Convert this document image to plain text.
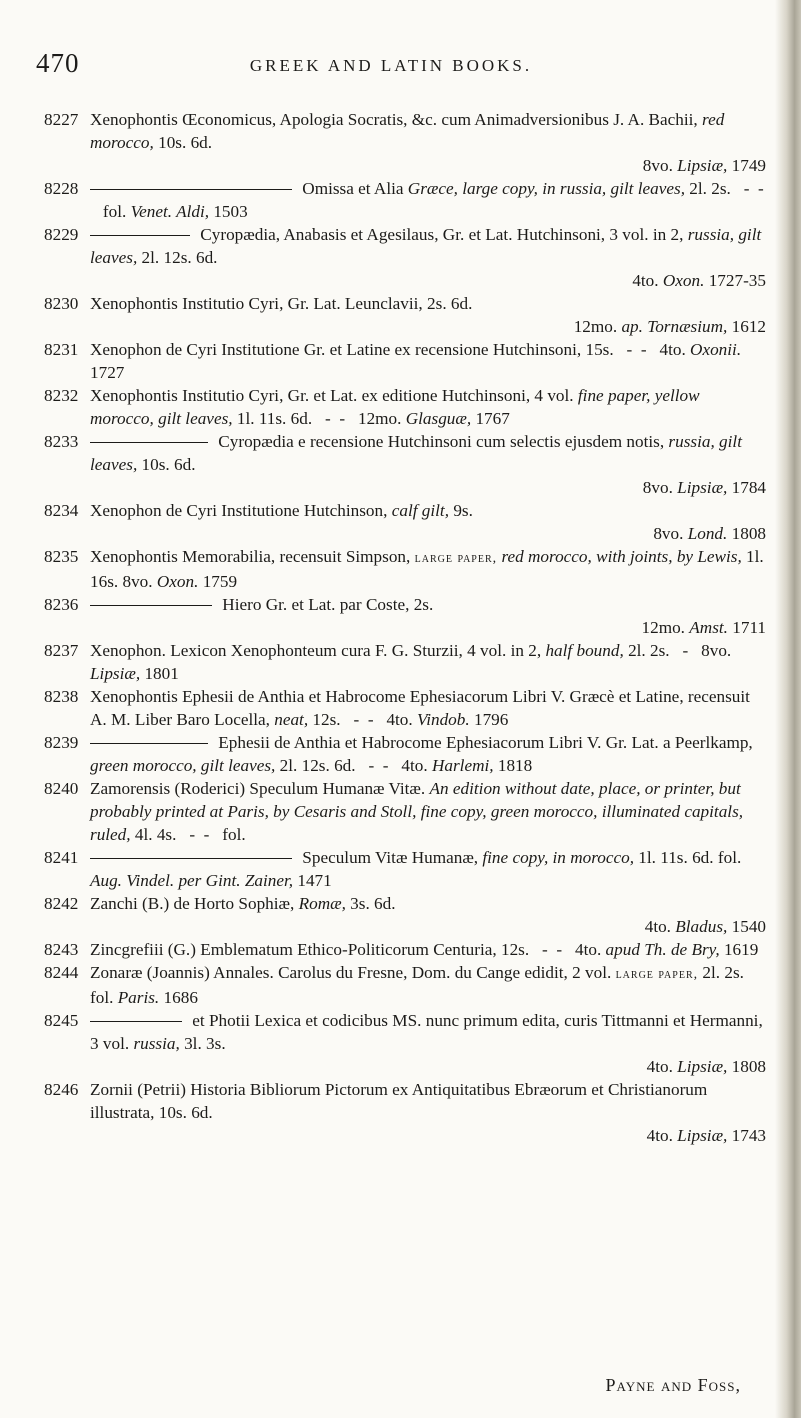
470	GREEK AND LATIN BOOKS.
8227 Xenophontis Œconomicus, Apologia Socratis, &c. cum Animadversionibus J. A. Bachii, red morocco, 10s. 6d.
8vo. Lipsiæ, 1749
8228	Omissa et Alia Græce, large copy, in russia, gilt leaves, 2l. 2s.   -  -   fol. Venet. Aldi, 1503
8229	Cyropædia, Anabasis et Agesilaus, Gr. et Lat. Hutchinsoni, 3 vol. in 2, russia, gilt leaves, 2l. 12s. 6d.
4to. Oxon. 1727-35
8230 Xenophontis Institutio Cyri, Gr. Lat. Leunclavii, 2s. 6d.
12mo. ap. Tornæsium, 1612
8231 Xenophon de Cyri Institutione Gr. et Latine ex recensione Hutchinsoni, 15s.   -  -   4to. Oxonii. 1727
8232 Xenophontis Institutio Cyri, Gr. et Lat. ex editione Hutchinsoni, 4 vol. fine paper, yellow morocco, gilt leaves, 1l. 11s. 6d.   -  -   12mo. Glasguæ, 1767
8233	Cyropædia e recensione Hutchinsoni cum selectis ejusdem notis, russia, gilt leaves, 10s. 6d.
8vo. Lipsiæ, 1784
8234 Xenophon de Cyri Institutione Hutchinson, calf gilt, 9s.
8vo. Lond. 1808
8235 Xenophontis Memorabilia, recensuit Simpson, large paper, red morocco, with joints, by Lewis, 1l. 16s. 8vo. Oxon. 1759
8236	Hiero Gr. et Lat. par Coste, 2s.
12mo. Amst. 1711
8237 Xenophon. Lexicon Xenophonteum cura F. G. Sturzii, 4 vol. in 2, half bound, 2l. 2s.   -   8vo. Lipsiæ, 1801
8238 Xenophontis Ephesii de Anthia et Habrocome Ephesiacorum Libri V. Græcè et Latine, recensuit A. M. Liber Baro Locella, neat, 12s.   -  -   4to. Vindob. 1796
8239	Ephesii de Anthia et Habrocome Ephesiacorum Libri V. Gr. Lat. a Peerlkamp, green morocco, gilt leaves, 2l. 12s. 6d.   -  -   4to. Harlemi, 1818
8240 Zamorensis (Roderici) Speculum Humanæ Vitæ. An edition without date, place, or printer, but probably printed at Paris, by Cesaris and Stoll, fine copy, green morocco, illuminated capitals, ruled, 4l. 4s.   -  -   fol.
8241	Speculum Vitæ Humanæ, fine copy, in morocco, 1l. 11s. 6d. fol. Aug. Vindel. per Gint. Zainer, 1471
8242 Zanchi (B.) de Horto Sophiæ, Romæ, 3s. 6d.
4to. Bladus, 1540
8243 Zincgrefiii (G.) Emblematum Ethico-Politicorum Centuria, 12s.   -  -   4to. apud Th. de Bry, 1619
8244 Zonaræ (Joannis) Annales. Carolus du Fresne, Dom. du Cange edidit, 2 vol. large paper, 2l. 2s. fol. Paris. 1686
8245	et Photii Lexica et codicibus MS. nunc primum edita, curis Tittmanni et Hermanni, 3 vol. russia, 3l. 3s.
4to. Lipsiæ, 1808
8246 Zornii (Petrii) Historia Bibliorum Pictorum ex Antiquitatibus Ebræorum et Christianorum illustrata, 10s. 6d.
4to. Lipsiæ, 1743
Payne and Foss,
